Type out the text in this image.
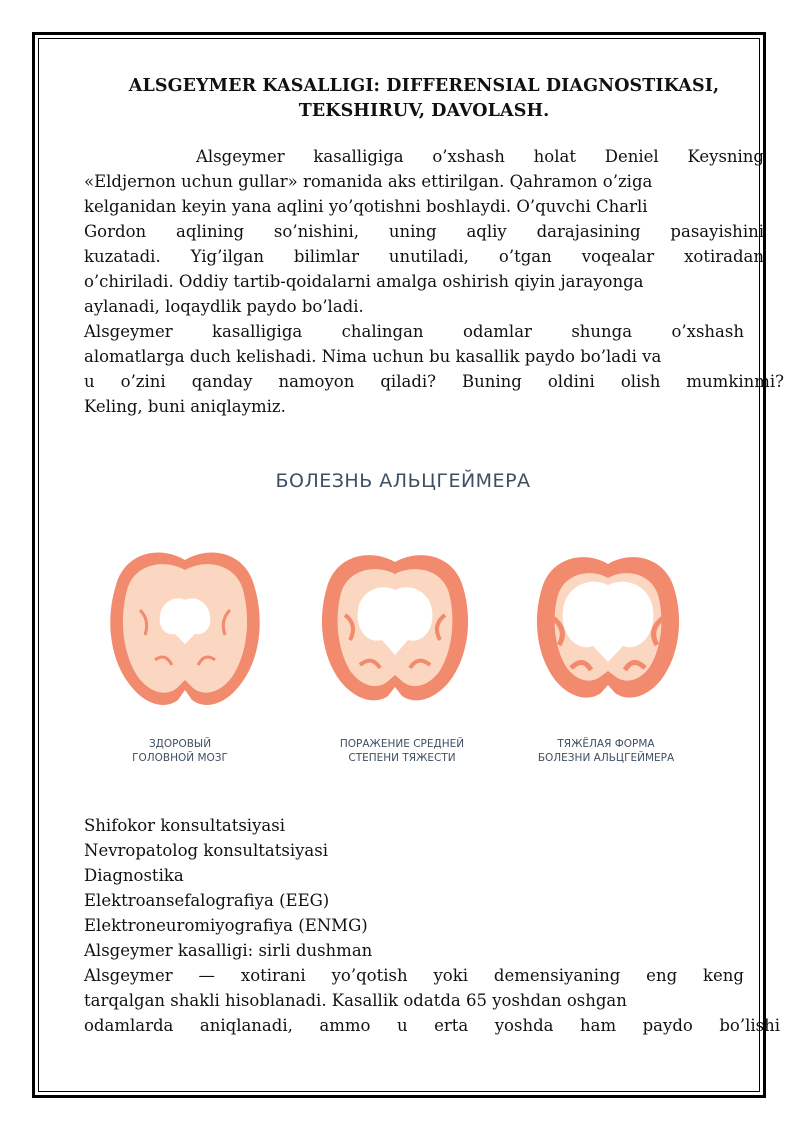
ALSGEYMER KASALLIGI: DIFFERENSIAL DIAGNOSTIKASI,
TEKSHIRUV, DAVOLASH.
Alsgeymer kasalligiga o’xshash holat Deniel Keysning
«Eldjernon uchun gullar» romanida aks ettirilgan. Qahramon o’ziga
kelganidan keyin yana aqlini yo’qotishni boshlaydi. O’quvchi Charli
Gordon aqlining so’nishini, uning aqliy darajasining pasayishini
kuzatadi. Yig’ilgan bilimlar unutiladi, o’tgan voqealar xotiradan
o’chiriladi. Oddiy tartib-qoidalarni amalga oshirish qiyin jarayonga
aylanadi, loqaydlik paydo bo’ladi.
Alsgeymer kasalligiga chalingan odamlar shunga o’xshash
alomatlarga duch kelishadi. Nima uchun bu kasallik paydo bo’ladi va
u o’zini qanday namoyon qiladi? Buning oldini olish mumkinmi?
Keling, buni aniqlaymiz.
БОЛЕЗНЬ АЛЬЦГЕЙМЕРА
ЗДОРОВЫЙ
ГОЛОВНОЙ МОЗГ
ПОРАЖЕНИЕ СРЕДНЕЙ
СТЕПЕНИ ТЯЖЕСТИ
ТЯЖЁЛАЯ ФОРМА
БОЛЕЗНИ АЛЬЦГЕЙМЕРА
Shifokor konsultatsiyasi
Nevropatolog konsultatsiyasi
Diagnostika
Elektroansefalografiya (EEG)
Elektroneuromiyografiya (ENMG)
Alsgeymer kasalligi: sirli dushman
Alsgeymer — xotirani yo’qotish yoki demensiyaning eng keng
tarqalgan shakli hisoblanadi. Kasallik odatda 65 yoshdan oshgan
odamlarda aniqlanadi, ammo u erta yoshda ham paydo bo’lishi
